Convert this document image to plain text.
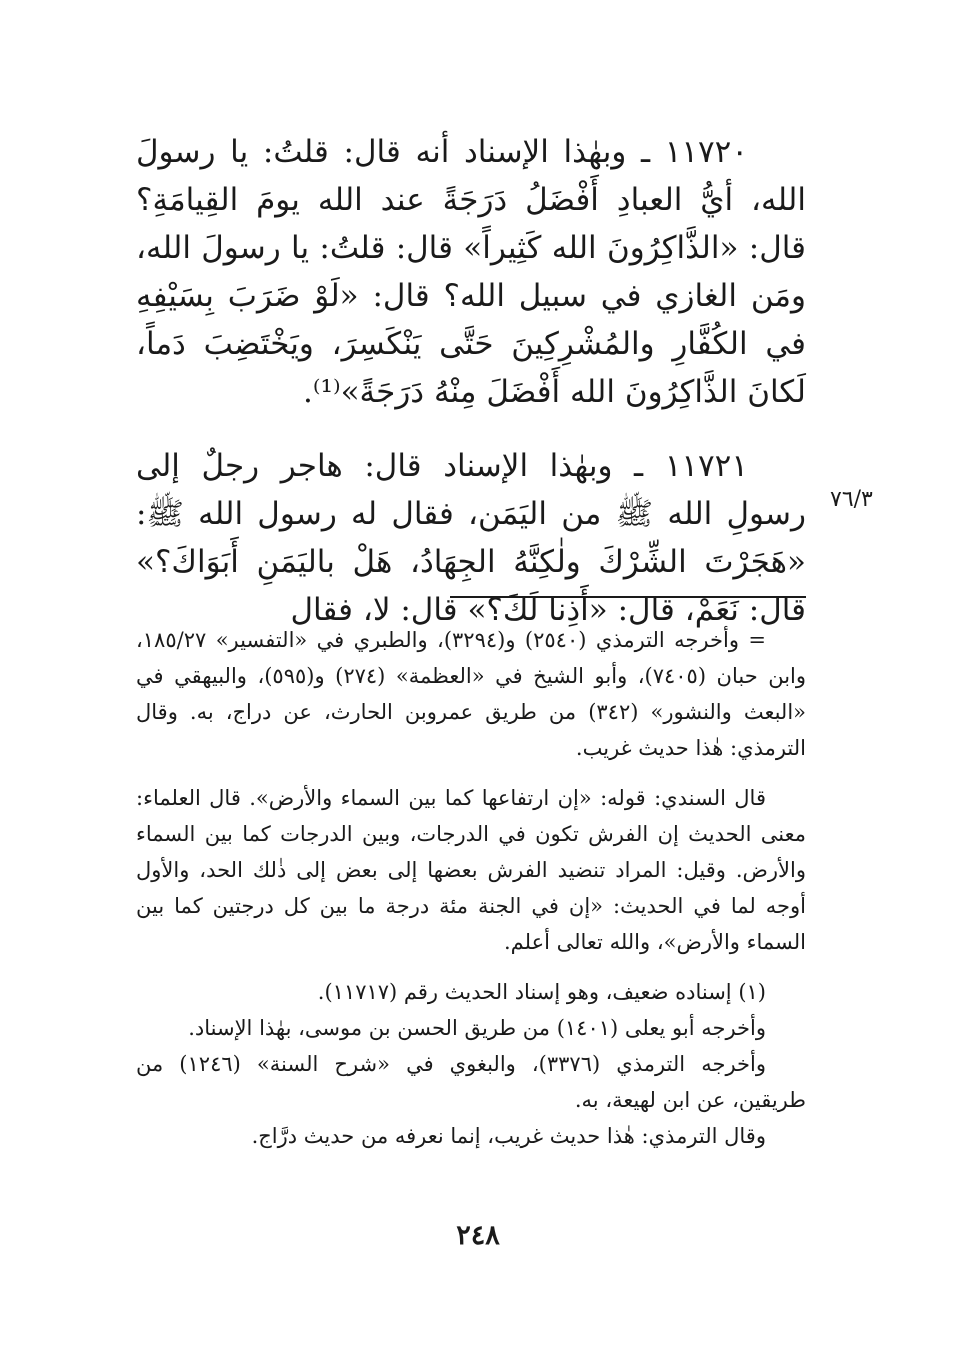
١١٧٢٠ ـ وبهٰذا الإسناد أنه قال: قلتُ: يا رسولَ الله، أيُّ العبادِ أَفْضَلُ دَرَجَةً عند الله يومَ القِيامَةِ؟ قال: «الذَّاكِرُونَ الله كَثِيراً» قال: قلتُ: يا رسولَ الله، ومَن الغازي في سبيل الله؟ قال: «لَوْ ضَرَبَ بِسَيْفِهِ في الكُفَّارِ والمُشْرِكِينَ حَتَّى يَنْكَسِرَ، ويَخْتَضِبَ دَماً، لَكانَ الذَّاكِرُونَ الله أَفْضَلَ مِنْهُ دَرَجَةً»⁽¹⁾.

١١٧٢١ ـ وبهٰذا الإسناد قال: هاجر رجلٌ إلى رسولِ الله ﷺ من اليَمَن، فقال له رسول الله ﷺ: «هَجَرْتَ الشِّرْكَ ولٰكِنَّهُ الجِهَادُ، هَلْ باليَمَنِ أَبَوَاكَ؟» قال: نَعَمْ، قال: «أَذِنا لَكَ؟» قال: لا، فقال

٧٦/٣

= وأخرجه الترمذي (٢٥٤٠) و(٣٢٩٤)، والطبري في «التفسير» ١٨٥/٢٧، وابن حبان (٧٤٠٥)، وأبو الشيخ في «العظمة» (٢٧٤) و(٥٩٥)، والبيهقي في «البعث والنشور» (٣٤٢) من طريق عمروبن الحارث، عن دراج، به. وقال الترمذي: هٰذا حديث غريب.

قال السندي: قوله: «إن ارتفاعها كما بين السماء والأرض». قال العلماء: معنى الحديث إن الفرش تكون في الدرجات، وبين الدرجات كما بين السماء والأرض. وقيل: المراد تنضيد الفرش بعضها إلى بعض إلى ذٰلك الحد، والأول أوجه لما في الحديث: «إن في الجنة مئة درجة ما بين كل درجتين كما بين السماء والأرض»، والله تعالى أعلم.

(١) إسناده ضعيف، وهو إسناد الحديث رقم (١١٧١٧).

وأخرجه أبو يعلى (١٤٠١) من طريق الحسن بن موسى، بهٰذا الإسناد.

وأخرجه الترمذي (٣٣٧٦)، والبغوي في «شرح السنة» (١٢٤٦) من طريقين، عن ابن لهيعة، به.

وقال الترمذي: هٰذا حديث غريب، إنما نعرفه من حديث درَّاج.

٢٤٨
